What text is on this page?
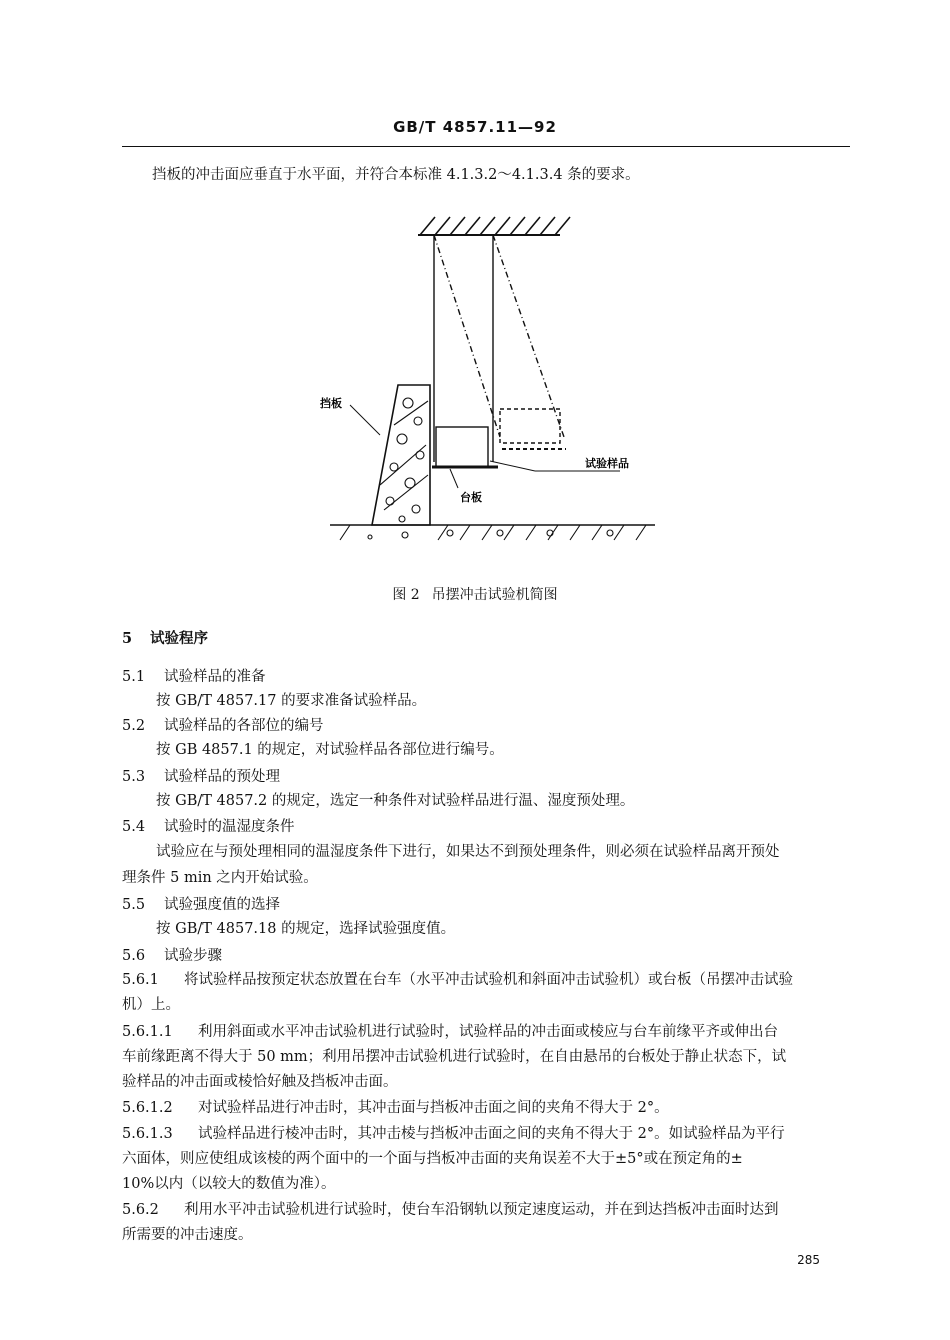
GB/T 4857.11—92
挡板的冲击面应垂直于水平面，并符合本标准 4.1.3.2～4.1.3.4 条的要求。
挡板
试验样品
台板
图 2 吊摆冲击试验机简图
5 试验程序
5.1 试验样品的准备
按 GB/T 4857.17 的要求准备试验样品。
5.2 试验样品的各部位的编号
按 GB 4857.1 的规定，对试验样品各部位进行编号。
5.3 试验样品的预处理
按 GB/T 4857.2 的规定，选定一种条件对试验样品进行温、湿度预处理。
5.4 试验时的温湿度条件
试验应在与预处理相同的温湿度条件下进行，如果达不到预处理条件，则必须在试验样品离开预处
理条件 5 min 之内开始试验。
5.5 试验强度值的选择
按 GB/T 4857.18 的规定，选择试验强度值。
5.6 试验步骤
5.6.1 将试验样品按预定状态放置在台车（水平冲击试验机和斜面冲击试验机）或台板（吊摆冲击试验
机）上。
5.6.1.1 利用斜面或水平冲击试验机进行试验时，试验样品的冲击面或棱应与台车前缘平齐或伸出台
车前缘距离不得大于 50 mm；利用吊摆冲击试验机进行试验时，在自由悬吊的台板处于静止状态下，试
验样品的冲击面或棱恰好触及挡板冲击面。
5.6.1.2 对试验样品进行冲击时，其冲击面与挡板冲击面之间的夹角不得大于 2°。
5.6.1.3 试验样品进行棱冲击时，其冲击棱与挡板冲击面之间的夹角不得大于 2°。如试验样品为平行
六面体，则应使组成该棱的两个面中的一个面与挡板冲击面的夹角误差不大于±5°或在预定角的±
10%以内（以较大的数值为准）。
5.6.2 利用水平冲击试验机进行试验时，使台车沿钢轨以预定速度运动，并在到达挡板冲击面时达到
所需要的冲击速度。
285
